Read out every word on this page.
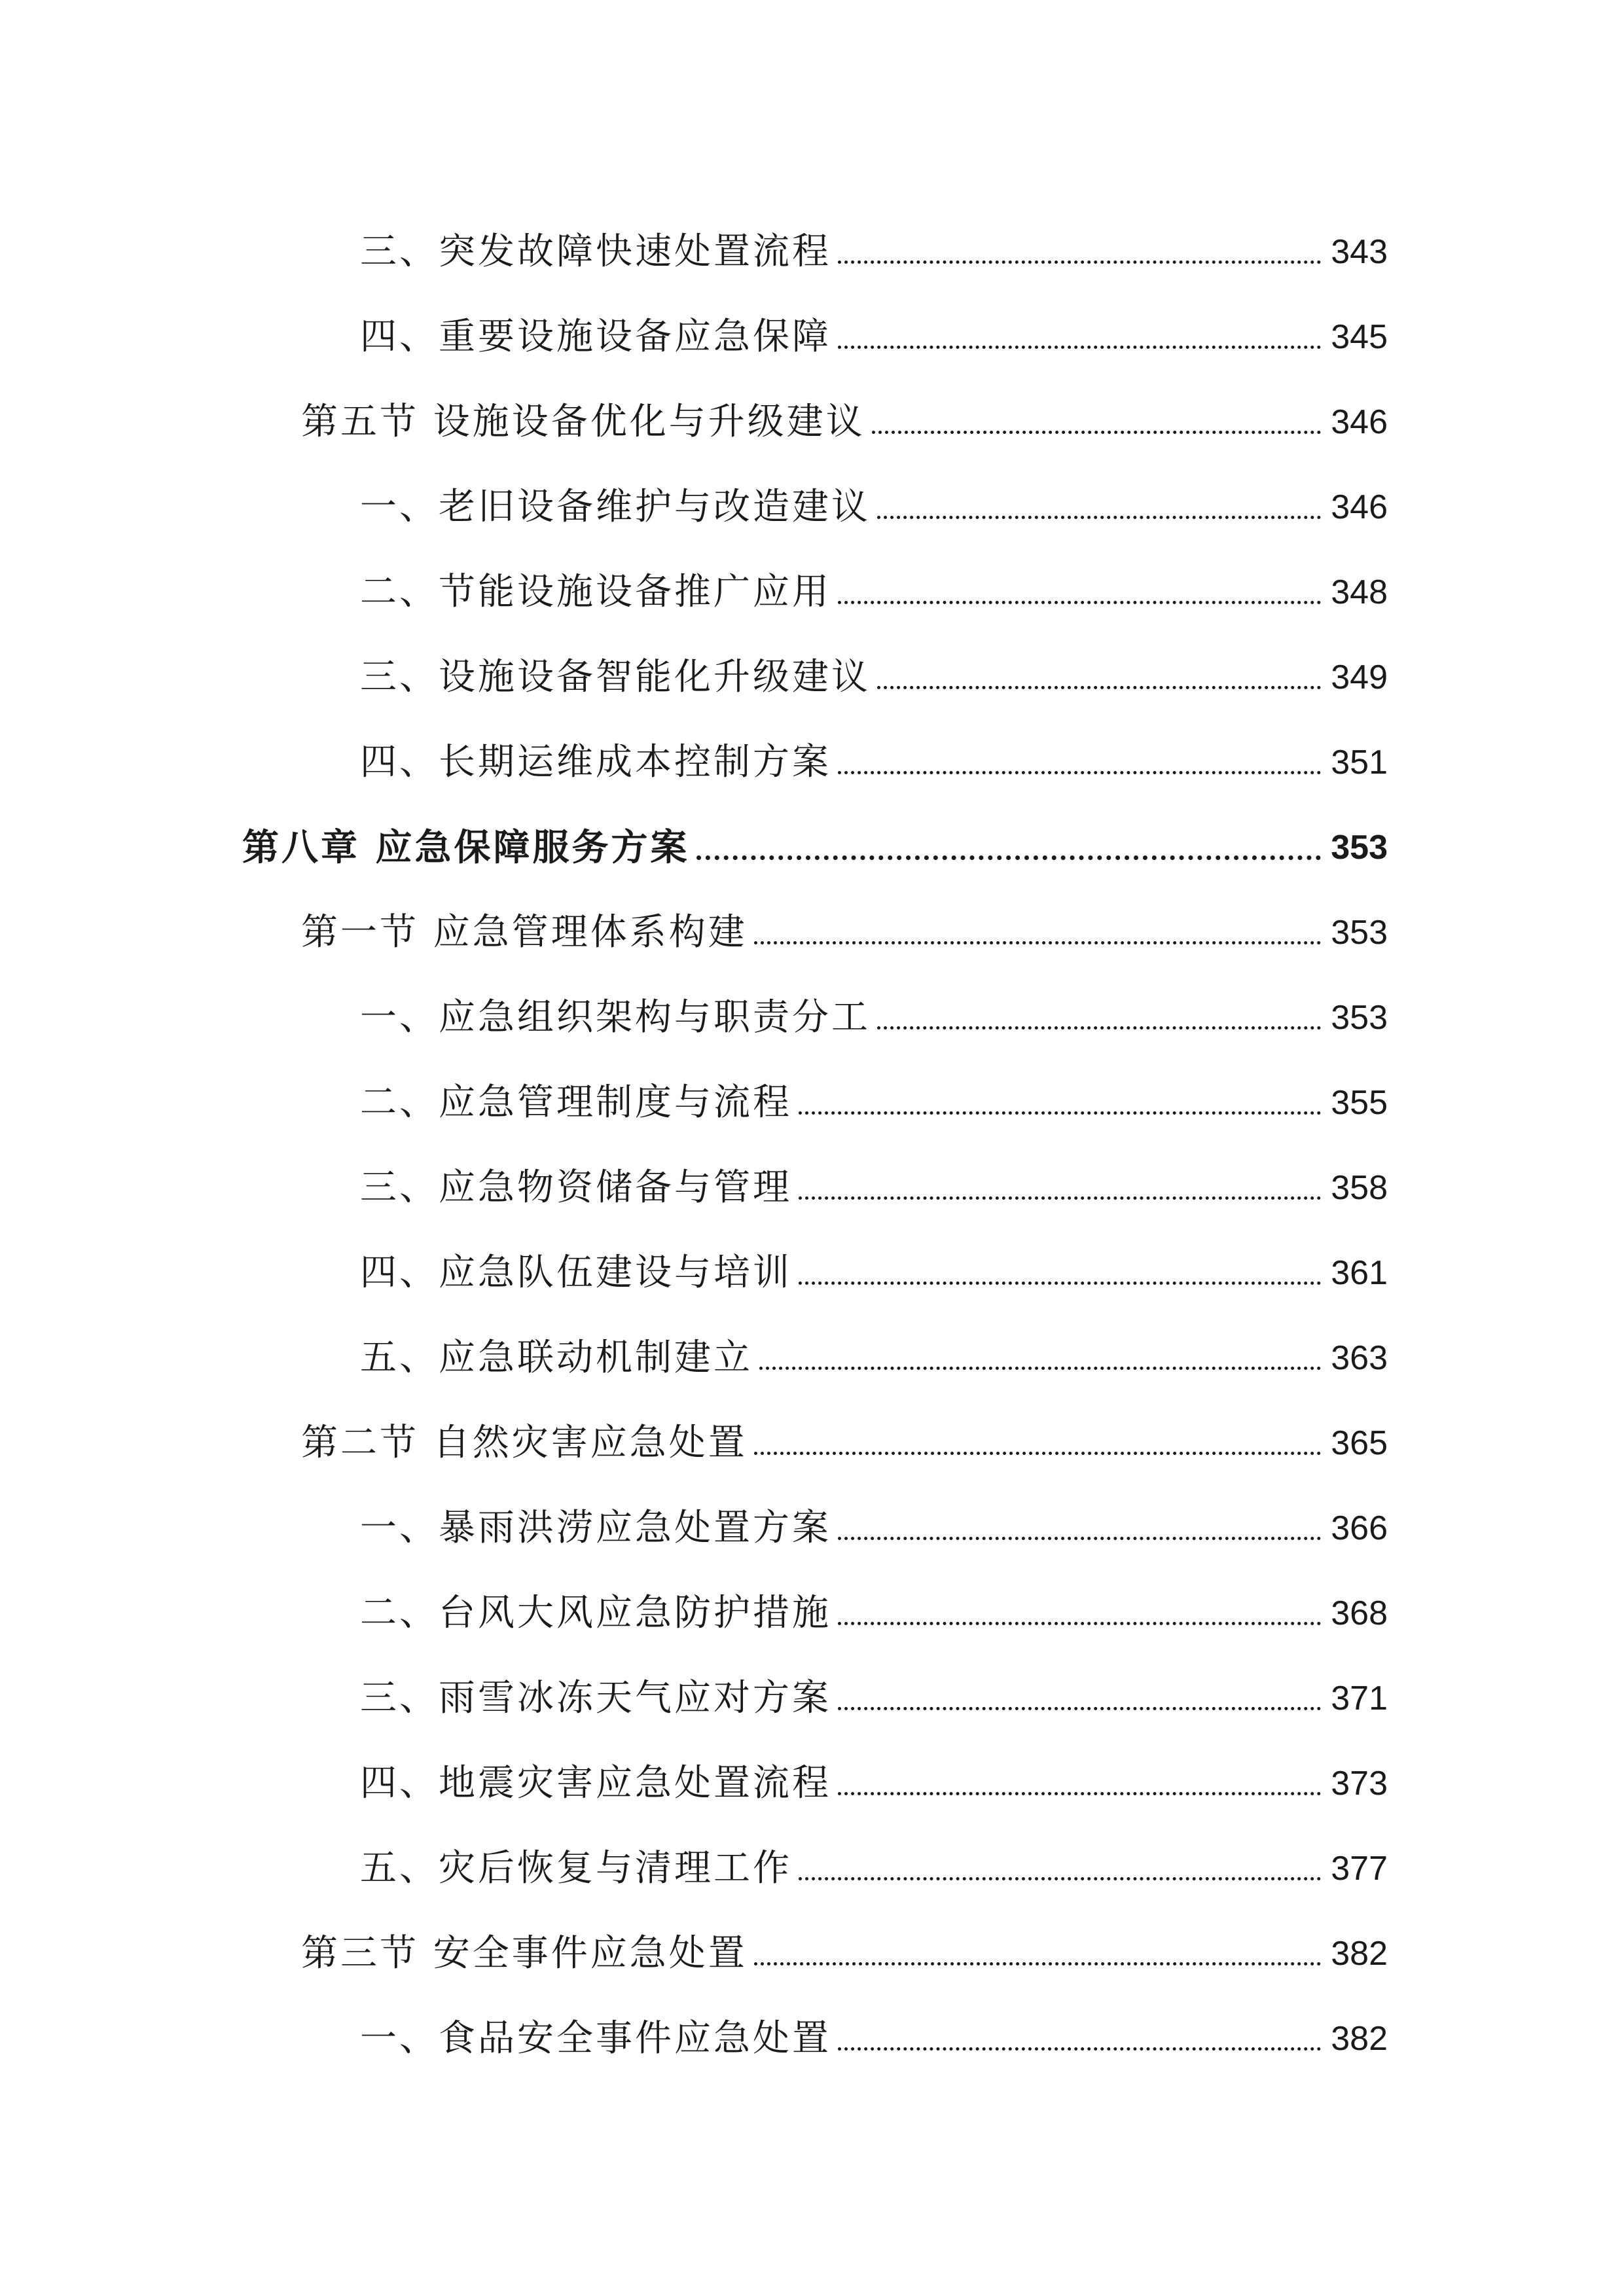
三、突发故障快速处置流程	343
四、重要设施设备应急保障	345
第五节 设施设备优化与升级建议	346
一、老旧设备维护与改造建议	346
二、节能设施设备推广应用	348
三、设施设备智能化升级建议	349
四、长期运维成本控制方案	351
第八章 应急保障服务方案	353
第一节 应急管理体系构建	353
一、应急组织架构与职责分工	353
二、应急管理制度与流程	355
三、应急物资储备与管理	358
四、应急队伍建设与培训	361
五、应急联动机制建立	363
第二节 自然灾害应急处置	365
一、暴雨洪涝应急处置方案	366
二、台风大风应急防护措施	368
三、雨雪冰冻天气应对方案	371
四、地震灾害应急处置流程	373
五、灾后恢复与清理工作	377
第三节 安全事件应急处置	382
一、食品安全事件应急处置	382
